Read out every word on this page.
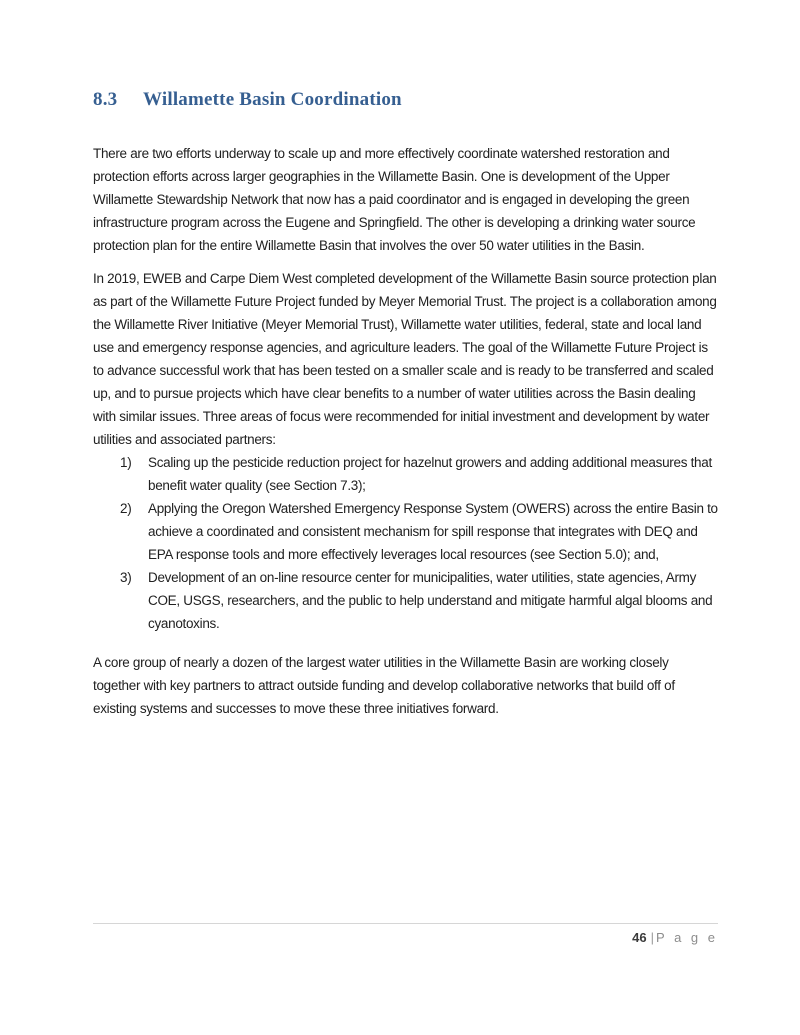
8.3	Willamette Basin Coordination

There are two efforts underway to scale up and more effectively coordinate watershed restoration and protection efforts across larger geographies in the Willamette Basin. One is development of the Upper Willamette Stewardship Network that now has a paid coordinator and is engaged in developing the green infrastructure program across the Eugene and Springfield. The other is developing a drinking water source protection plan for the entire Willamette Basin that involves the over 50 water utilities in the Basin.

In 2019, EWEB and Carpe Diem West completed development of the Willamette Basin source protection plan as part of the Willamette Future Project funded by Meyer Memorial Trust. The project is a collaboration among the Willamette River Initiative (Meyer Memorial Trust), Willamette water utilities, federal, state and local land use and emergency response agencies, and agriculture leaders. The goal of the Willamette Future Project is to advance successful work that has been tested on a smaller scale and is ready to be transferred and scaled up, and to pursue projects which have clear benefits to a number of water utilities across the Basin dealing with similar issues. Three areas of focus were recommended for initial investment and development by water utilities and associated partners:

1)	Scaling up the pesticide reduction project for hazelnut growers and adding additional measures that benefit water quality (see Section 7.3);
2)	Applying the Oregon Watershed Emergency Response System (OWERS) across the entire Basin to achieve a coordinated and consistent mechanism for spill response that integrates with DEQ and EPA response tools and more effectively leverages local resources (see Section 5.0); and,
3)	Development of an on-line resource center for municipalities, water utilities, state agencies, Army COE, USGS, researchers, and the public to help understand and mitigate harmful algal blooms and cyanotoxins.

A core group of nearly a dozen of the largest water utilities in the Willamette Basin are working closely together with key partners to attract outside funding and develop collaborative networks that build off of existing systems and successes to move these three initiatives forward.

46 | P a g e
